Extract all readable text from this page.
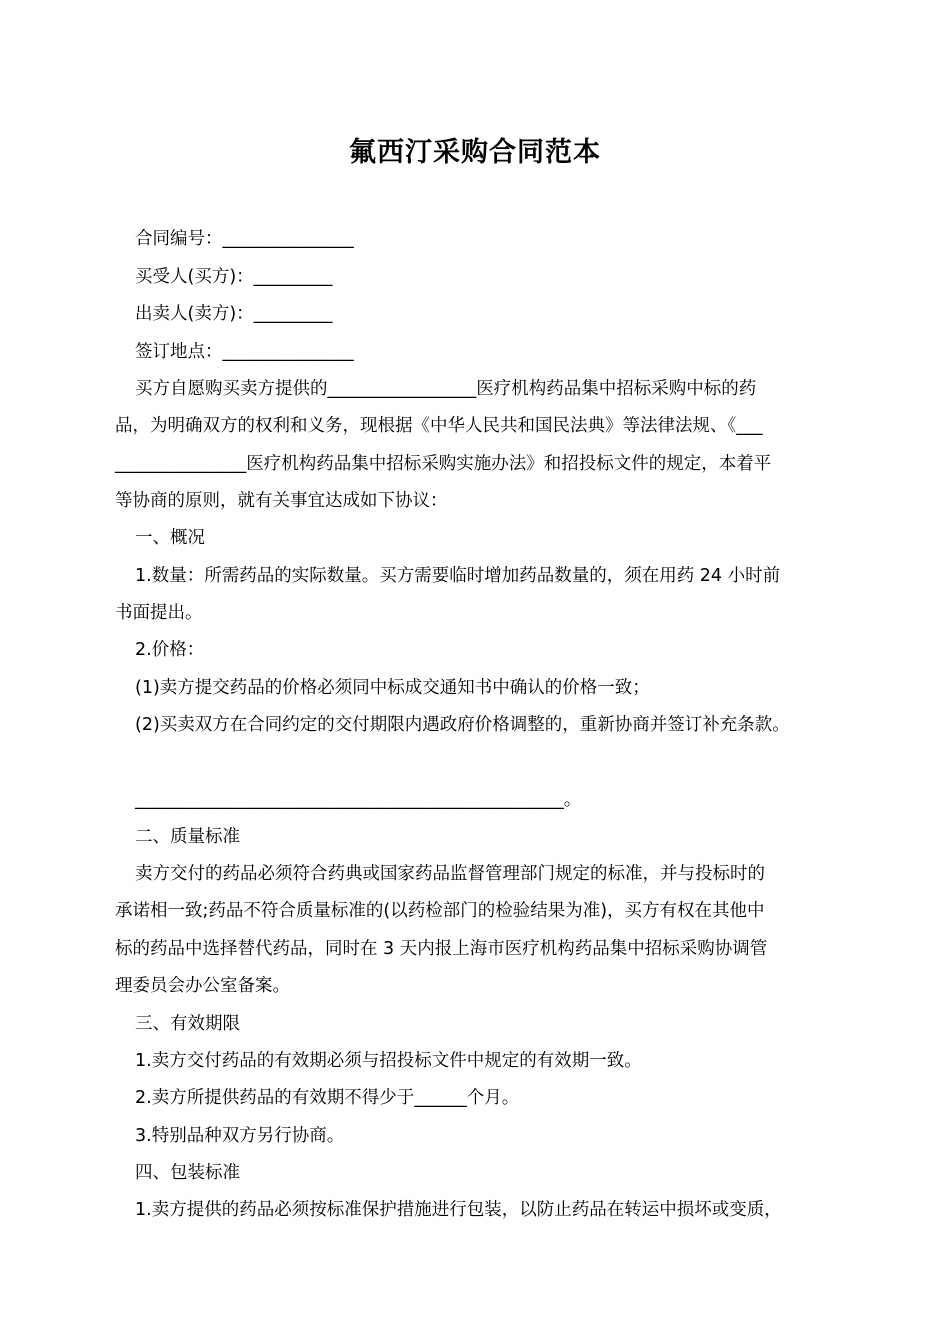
氟西汀采购合同范本
合同编号：_______________
买受人(买方)：_________
出卖人(卖方)：_________
签订地点：_______________
买方自愿购买卖方提供的_________________医疗机构药品集中招标采购中标的药
品，为明确双方的权利和义务，现根据《中华人民共和国民法典》等法律法规、《___
_______________医疗机构药品集中招标采购实施办法》和招投标文件的规定，本着平
等协商的原则，就有关事宜达成如下协议：
一、概况
1.数量：所需药品的实际数量。买方需要临时增加药品数量的，须在用药 24 小时前
书面提出。
2.价格：
(1)卖方提交药品的价格必须同中标成交通知书中确认的价格一致；
(2)买卖双方在合同约定的交付期限内遇政府价格调整的，重新协商并签订补充条款。
_________________________________________________。
二、质量标准
卖方交付的药品必须符合药典或国家药品监督管理部门规定的标准，并与投标时的
承诺相一致;药品不符合质量标准的(以药检部门的检验结果为准)，买方有权在其他中
标的药品中选择替代药品，同时在 3 天内报上海市医疗机构药品集中招标采购协调管
理委员会办公室备案。
三、有效期限
1.卖方交付药品的有效期必须与招投标文件中规定的有效期一致。
2.卖方所提供药品的有效期不得少于______个月。
3.特别品种双方另行协商。
四、包装标准
1.卖方提供的药品必须按标准保护措施进行包装，以防止药品在转运中损坏或变质，
